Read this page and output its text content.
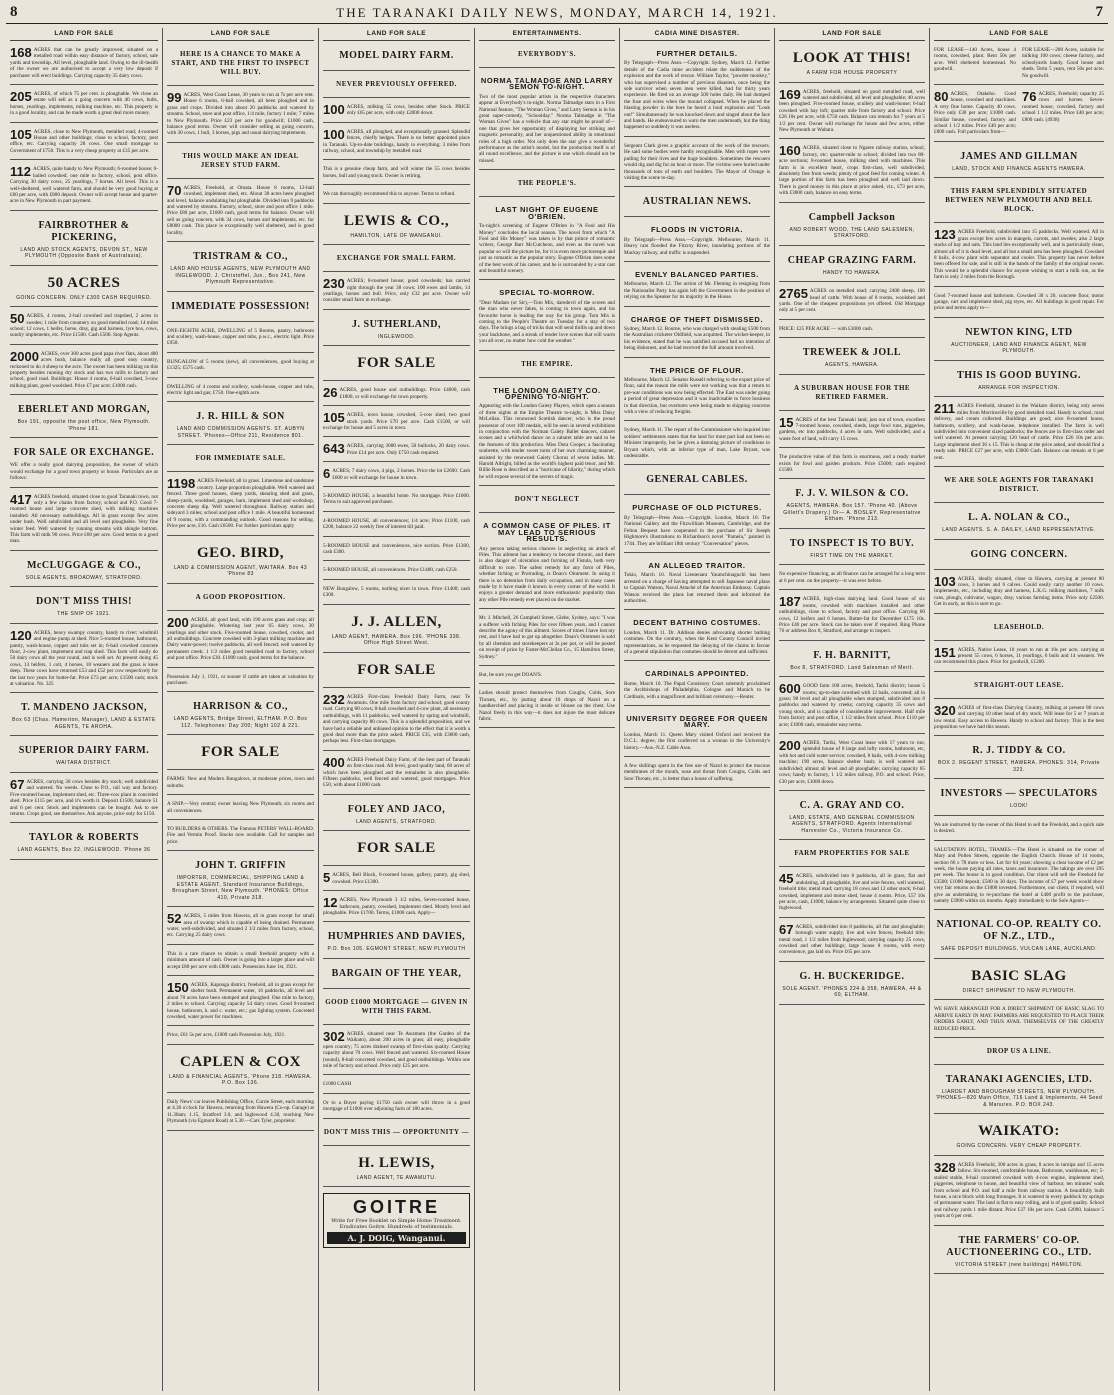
8	THE TARANAKI DAILY NEWS, MONDAY, MARCH 14, 1921.	7
LAND FOR SALE
168 ACRES that can be greatly improved; situated on a metalled road within easy distance of factory, school, sale yards and township. All level, ploughable land. Owing to the ill-health of the owner we are authorised to accept a very low deposit if purchaser will erect buildings. Carrying capacity 35 dairy cows.
205 ACRES, of which 75 per cent. is ploughable. We close an estate will sell as a going concern with 40 cows, bulls, horses, yearlings, implements, milking machine, etc. This property is in a good locality, and can be made worth a great deal more money.
105 ACRES, close to New Plymouth, metalled road; 4-roomed House and other buildings; close to school, factory, post office, etc. Carrying capacity 28 cows. One small mortgage to Government of £750. This is a very cheap property at £35 per acre.
112 ACRES, quite handy to New Plymouth; 6-roomed house; 6-bailed cowshed; one mile to factory, school, post office. Carrying 30 dairy cows, 25 yearlings, 7 horses. All level. This is a well-sheltered, well watered farm, and should be very good buying at £60 per acre, with £800 deposit. Owner will accept house and quarter-acre in New Plymouth in part payment.
FAIRBROTHER & PICKERING,
LAND AND STOCK AGENTS, DEVON ST., NEW PLYMOUTH (Opposite Bank of Australasia).
50 ACRES
GOING CONCERN. ONLY £300 CASH REQUIRED.
50 ACRES, 4 rooms, 2-bail cowshed and trapshed, 2 acres in swedes; 1 mile from creamery on good metalled road; 14 miles school; 12 cows, 1 heifer, horse, dray, gig and harness, lyre box, cows, sundry implements, etc. Price £1500. Cash £500. Stop Agents.
2000 ACRES, over 300 acres good papa river flats, about 400 acres bush, balance really all good easy country, reckoned to do 4 sheep to the acre. The owner has been milking on this property besides running dry stock and has two mills to factory and school, good road. Buildings: House 4 rooms, 6-bail cowshed, 3-cow milking plant, good woolshed. Price £7 per acre; £1000 cash.
EBERLET AND MORGAN,
Box 191, opposite the post office, New Plymouth. 'Phone 181.
FOR SALE OR EXCHANGE.
WE offer a really good dairying proposition, the owner of which would exchange for a good town property or house. Particulars are as follows:
417 ACRES freehold, situated close to good Taranaki town, not only a few chains from factory, school and P.O. Good 7-roomed house and large concrete shed, with milking machines installed. All necessary outbuildings. All in grass except few acres under bush. Well subdivided and all level and ploughable. Very fine winter feed. Well watered by running streams with shingle bottom. This farm will milk 90 cows. Price £60 per acre. Good terms to a good man.
McCLUGGAGE & CO.,
SOLE AGENTS, BROADWAY, STRATFORD.
DON'T MISS THIS!
THE SNIP OF 1921.
120 ACRES, heavy swampy country, handy to river; windmill and engine pump at shed. Nice 5-roomed house, bathroom, pantry, wash-house, copper and tubs set in; 6-bail cowshed concrete floor, 2-cow plant, implement and trap shed. This farm will easily do 50 dairy cows all the year round, and is well set. At present doing 45 cows, 13 heifers, 1 colt, 4 horses, 18 weaners and the grass is knee deep. These cows have returned £53 and £52 per cow respectively for the last two years for butter-fat. Price £73 per acre; £1500 cash; stock at valuation. No. 325
T. MANDENO JACKSON,
Box 63 (Chas. Hamerton, Manager), LAND & ESTATE AGENTS, TE AROHA.
SUPERIOR DAIRY FARM.
WAITARA DISTRICT.
67 ACRES, carrying 30 cows besides dry stock; well subdivided and watered. No weeds. Close to P.O., rail way and factory. Five-roomed house, implement shed, etc. Three-cow plant in concreted shed. Price £115 per acre, and it's worth it. Deposit £1500, balance 51 and 6 per cent. Stock and implements can be bought. Ask to see returns. Crops good, see themselves. Ask anyone, price only for £150.
TAYLOR & ROBERTS
LAND AGENTS, Box 22. INGLEWOOD. 'Phone 36
LAND FOR SALE
HERE IS A CHANCE TO MAKE A START, AND THE FIRST TO INSPECT WILL BUY.
99 ACRES, West Coast Lease, 30 years to run at 7s per acre rent. House 6 rooms, 6-bail cowshed, all been ploughed and in grass and crops. Divided into about 20 paddocks and watered by streams. School, store and post office, 1/4 mile, factory 1 mile; 7 miles to New Plymouth. Price £23 per acre for goodwill; £1000 cash, balance good terms. Owner will consider selling as going concern, with 30 cows, 1 bull, 3 horses, pigs and usual dairying implements.
THIS WOULD MAKE AN IDEAL JERSEY STUD FARM.
70 ACRES, Freehold, at Omata. House 8 rooms, 12-bail cowshed, implement shed, etc. About 30 acres been ploughed and level, balance undulating but ploughable. Divided into 9 paddocks and watered by streams. Factory, school, store and post office 1 mile. Price £80 per acre, £1000 cash, good terms for balance. Owner will sell as going concern, with 34 cows, horses and implements, etc. for £8000 cash. This place is exceptionally well sheltered, and is good locality.
TRISTRAM & CO.,
LAND AND HOUSE AGENTS, NEW PLYMOUTH AND INGLEWOOD. J. Christoffel, Jun., Box 241, New Plymouth Representative.
IMMEDIATE POSSESSION!
ONE-EIGHTH ACRE, DWELLING of 5 Rooms, pantry, bathroom and scullery, wash-house, copper and tubs, p.w.c., electric light. Price £950.
BUNGALOW of 5 rooms (new), all conveniences, good buying at £1325; £575 cash.
DWELLING of 4 rooms and scullery, wash-house, copper and tubs, electric light and gas; £750. One-eighth acre.
J. R. HILL & SON
LAND AND COMMISSION AGENTS. ST. AUBYN STREET. 'Phones—Office 211, Residence 801.
FOR IMMEDIATE SALE.
1198 ACRES Freehold; all in grass. Limestone and sandstone country. Large proportion ploughable. Well watered and fenced. Three good houses, sheep yards, shearing shed and grass, sheep-yards, woolshed, garages, barn, implement shed and workshop, concrete sheep dip. Well watered throughout. Railway station and sideyard 3 miles; school and post office 1 mile. A beautiful homestead of 9 rooms, with a commanding outlook. Good reasons for selling. Price per acre, £16. Cash £6500. For further particulars apply
GEO. BIRD,
LAND & COMMISSION AGENT, WAITARA. Box 43 'Phone 83
A GOOD PROPOSITION.
200 ACRES, all good land, with 190 acres grass and crop; all ploughable. Wintering last year 65 dairy cows, 30 yearlings and other stock. Five-roomed house, cowshed, cooler, and all outbuildings. Concrete cowshed with 3-plant milking machine and Dairy water-power; twelve paddocks, all well fenced; well watered by permanent creek; 1 1/2 miles good metalled road to factory, school and post office. Price £30. £1000 cash; good terms for the balance.
Possession July 1, 1921, or sooner if cattle are taken at valuation by purchaser.
HARRISON & CO.,
LAND AGENTS, Bridge Street, ELTHAM. P.O. Box 112. Telephones: Day 200; Night 102 & 221.
FOR SALE
FARMS: New and Modern Bungalows, at moderate prices, town and suburbs.
A SNIP.—Very central; owner leaving New Plymouth; six rooms and all conveniences.
TO BUILDERS & OTHERS. The Famous PETERS' WALL-BOARD. Fire and Vermin Proof. Stocks now available. Call for samples and price.
JOHN T. GRIFFIN
IMPORTER, COMMERCIAL, SHIPPING LAND & ESTATE AGENT, Standard Insurance Buildings, Brougham Street, New Plymouth. 'PHONES: Office 410, Private 318.
52 ACRES, 5 miles from Hawera, all in grass except for small area of swamp which is capable of being drained. Permanent water, well-subdivided, and situated 2 1/2 miles from factory, school, etc. Carrying 25 dairy cows.
This is a rare chance to obtain a small freehold property with a minimum amount of cash. Owner is going into a larger place and will accept £80 per acre with £800 cash. Possession June 1st, 1921.
150 ACRES, Kaponga district, freehold, all in grass except for shelter bush. Permanent water, 16 paddocks, all level and about 70 acres have been stumped and ploughed. One mile to factory, 2 miles to school. Carrying capacity 54 dairy cows. Good 8-roomed house, bathroom, h. and c. water, etc.; gas lighting system. Concreted cowshed, water power for machines.
Price, £61 5s per acre, £1000 cash Possession July, 1921.
CAPLEN & COX
LAND & FINANCIAL AGENTS, 'Phone 318. HAWERA. P.O. Box 136.
Daily News' car leaves Publishing Office, Currie Street, each morning at 4.30 o'clock for Hawera, returning from Hawera (Co-op. Garage) at 11.30am; 1.15, Stratford 3.0, and Inglewood 4.30, reaching New Plymouth (via Egmont Road) at 5.30.—Cars Tyler, proprietor.
LAND FOR SALE
MODEL DAIRY FARM.
NEVER PREVIOUSLY OFFERED.
100 ACRES, milking 55 cows, besides other Stock. PRICE only £65 per acre, with only £2000 down.
100 ACRES, all ploughed, and exceptionally grassed. Splendid fences, chiefly hedges. There is no better appointed place in Taranaki. Up-to-date buildings, handy to everything; 3 miles from railway, school, and township by metalled road.
This is a genuine cheap farm, and will winter the 55 cows besides horses, bull and young stock. Owner is retiring.
We can thoroughly recommend this to anyone. Terms to refund.
LEWIS & CO.,
HAMILTON, LATE OF WANGANUI.
EXCHANGE FOR SMALL FARM.
230 ACRES; 8-roomed house; good cowsheds; has carried right through the year 38 cows; 100 ewes and lambs, 14 yearlings, horses and bull. Price, only £32 per acre. Owner will consider small farm in exchange.
J. SUTHERLAND,
INGLEWOOD.
FOR SALE
26 ACRES, good house and outbuildings. Price £4600, cash £1800, or will exchange for town property.
105 ACRES, town house, cowshed, 5-cow shed, two good stock yards. Price £70 per acre. Cash £1500, or will exchange for house and 5 acres in town.
643 ACRES, carrying 3000 ewes, 50 bullocks, 20 dairy cows. Price £14 per acre. Only £750 cash required.
6 ACRES; 7 dairy cows, 4 pigs, 2 horses. Price the lot £2600. Cash £600 or will exchange for house in town.
5-ROOMED HOUSE, a beautiful home. No mortgage. Price £1000. Terms to suit approved purchaser.
4-ROOMED HOUSE, all conveniences; 1/4 acre; Price £1100, cash £200, balance 22 weekly free of interest till paid.
5-ROOMED HOUSE and conveniences, nice section. Price £1300, cash £300.
5-ROOMED HOUSE, all conveniences. Price £1400, cash £250.
NEW Bungalow, 5 rooms, nothing nicer in town. Price £1400; cash £300.
J. J. ALLEN,
LAND AGENT, HAWERA. Box 196. 'PHONE 338. Office High Street West.
FOR SALE
232 ACRES First-class Freehold Dairy Farm, near Te Awamutu. One mile from factory and school; good county road. Carrying 80 cows; 8-bail cowshed and 4-cow plant, all necessary outbuildings, with 11 paddocks, well watered by spring and windmill, and carrying capacity 80 cows. This is a splendid proposition, and we have had a reliable and unbiased opinion to the effect that it is worth a good deal more than the price asked. PRICE £35, with £3000 cash, perhaps less. First-class mortgages.
400 ACRES Freehold Dairy Farm, of the best part of Taranaki on first-class road. All level, good quality land, 60 acres of which have been ploughed and the remainder is also ploughable. Fifteen paddocks, well fenced and watered, good mortgages. Price £50, with about £1000 cash.
FOLEY AND JACO,
LAND AGENTS, STRATFORD.
FOR SALE
5 ACRES, Bell Block, 6-roomed house, gallery, pantry, gig shed, cowshed. Price £1300.
12 ACRES, New Plymouth 3 1/2 miles, Seven-roomed house, bathroom, pantry, cowshed, implement shed. Mostly level and ploughable. Price £1700. Terms, £1000 cash. Apply—
HUMPHRIES AND DAVIES,
P.O. Box 105. EGMONT STREET, NEW PLYMOUTH
BARGAIN OF THE YEAR,
GOOD £1000 MORTGAGE — GIVEN IN WITH THIS FARM.
302 ACRES, situated near Te Awamutu (the Garden of the Waikato), about 200 acres in grass; all easy, ploughable open country; 75 acres drained swamp of first-class quality. Carrying capacity about 70 cows. Well fenced and watered. Six-roomed House (sound), 8-bail concreted cowshed, and good outbuildings. Within one mile of factory and school. Price only £25 per acre.
£1000 CASH
Or to a Buyer paying £1750 cash owner will throw in a good mortgage of £1000 over adjoining farm of 180 acres.
DON'T MISS THIS — OPPORTUNITY —
H. LEWIS,
LAND AGENT, TE AWAMUTU.
GOITRE
Write for Free Booklet on Simple Home Treatment. Eradicates Goitre. Hundreds of testimonials.
A. J. DOIG, Wanganui.
ENTERTAINMENTS.
EVERYBODY'S.
NORMA TALMADGE AND LARRY SEMON TO-NIGHT.
Two of the most popular artists in the respective characters appear at Everybody's to-night. Norma Talmadge stars in a First National feature, "The Woman Gives," and Larry Semon is in his great super-comedy, "Schoolday." Norma Talmadge in "The Woman Gives" has a vehicle that any star might be proud of—one that gives her opportunity of displaying her striking and magnetic personality, and her unquestioned ability in emotional roles of a high order. Not only does the star give a wonderful performance as the artist's model, but the production itself is of all round excellence, and the picture is one which should not be missed.
THE PEOPLE'S.
LAST NIGHT OF EUGENE O'BRIEN.
To-night's screening of Eugene O'Brien in "A Fool and His Money" concludes the local season. The novel from which "A Fool and His Money" was taken is by that prince of romantic writers, George Barr McCutcheon, and even as the novel was popular so will the picture be, for it is even more picturesque and just as romantic as the popular story. Eugene O'Brien does some of the best work of his career, and he is surrounded by a star cast and beautiful scenery.
SPECIAL TO-MORROW.
"Dear Madam (or Sir),—Tom Mix, daredevil of the screen and the man who never fakes, is coming to town again, and his favourite horse is leading the way for his group. Tom Mix is coming to the People's Theatre on Tuesday for a stay of two days. The brings a bag of tricks that will send thrills up and down your backbone, and a streak of tender love scenes that will warm you all over, no matter how cold the weather."
THE EMPIRE.
THE LONDON GAIETY CO. OPENING TO-NIGHT.
Appearing with the London Gaiety Players, which open a season of three nights at the Empire Theatre to-night, is Miss Daisy McLellan. This renowned Scottish dancer, who is the proud possessor of over 100 medals, will be seen in several exhibitions in conjunction with the Norman Gaiety Ballet dancers, cabaret scenes and a whirlwind dance on a cabaret table are said to be the features of this production. Miss Dora Cooper, a fascinating soubrette, with tender sweet turns of her own charming manner, assisted by the renowned Gaiety Chorus of seven ladies. Mr. Harold Allright, billed as the world's highest paid tenor, and Mr. Billie Rose is described as a "hurricane of hilarity," during which he will expose several of the secrets of magic.
DON'T NEGLECT
A COMMON CASE OF PILES. IT MAY LEAD TO SERIOUS RESULTS.
Any person taking serious chances in neglecting an attack of Piles. This ailment has a tendency to become chronic, and there is also danger of ulceration and forming of Fistula, both very difficult to cure. The safest remedy for any form of Piles, whether Itching or Protruding, is Doan's Ointment. In using it there is no detention from daily occupation, and in many cases made by it have made it known in every corner of the world. It enjoys a greater demand and more enthusiastic popularity than any other Pile remedy ever placed on the market.
Mr. J. Mitchell, 26 Campbell Street, Glebe, Sydney, says: "I was a sufferer with Itching Piles for over fifteen years, and I cannot describe the agony of this ailment. Scores of times I have lost my rest, and I have had to get up altogether. Doan's Ointment is sold by all chemists and storekeepers at 3s per pot, or will be posted on receipt of price by Foster-McClellan Co., 15 Hamilton Street, Sydney."
But, be sure you get DOAN'S.
Ladies should protect themselves from Coughs, Colds, Sore Throats, etc., by putting about 10 drops of Nazol on a handkerchief and placing it inside or blouse on the chest. Use Nazol freely in this way—it does not injure the most delicate fabric.
CADIA MINE DISASTER.
FURTHER DETAILS.
By Telegraph—Press Assn.—Copyright. Sydney, March 12. Further details of the Cadia mine accident relate the suddenness of the explosion and the work of rescue. William Taylor, "powder monkey," who has supervised a number of previous disasters, once being the sole survivor when seven men were killed, had for thirty years experience. He fired on an average 500 holes daily. He had dumped the fuse and wires when the mound collapsed. When he placed the blasting powder in the bore he heard a loud explosion and "Look out!" Simultaneously he was knocked down and singed about the face and hands. He endeavoured to warn the men underneath, but the thing happened so suddenly it was useless.
Sergeant Clark gives a graphic account of the work of the rescuers. He said some bodies were hardly recognisable. Men with ropes were pulling for their lives and the huge boulders. Sometimes the rescuers would dig and dig for an hour or more. The victims were buried under thousands of tons of earth and boulders. The Mayor of Orange is visiting the scene to-day.
AUSTRALIAN NEWS.
FLOODS IN VICTORIA.
By Telegraph—Press Assn.—Copyright. Melbourne, March 11. Heavy rain flooded the Fitzroy River, inundating portions of the Mackay railway, and traffic is suspended.
EVENLY BALANCED PARTIES.
Melbourne, March 12. The action of Mr. Fleming in resigning from the Nationalist Party has again left the Government in the position of relying on the Speaker for its majority in the House.
CHARGE OF THEFT DISMISSED.
Sydney, March 12. Bourne, who was charged with stealing £500 from the Australian cricketer Oldfield, was acquitted. The wicket-keeper, in his evidence, stated that he was satisfied accused had no intention of being dishonest, and he had received the full amount involved.
THE PRICE OF FLOUR.
Melbourne, March 12. Senator Russell referring to the export price of flour, said the reason the mills were not working was that a return to pre-war conditions was now being effected. The East was under going a period of great depression and it was inadvisable to force business in that direction, but overtures were being made to shipping concerns with a view of reducing freights.
Sydney, March 11. The report of the Commissioner who inquired into soldiers' settlements states that the land for most part had not been so Minister improperly, but he gives a damning picture of conditions in Bryant which, with an inferior type of man, Lake Bryant, was undesirable.
GENERAL CABLES.
PURCHASE OF OLD PICTURES.
By Telegraph—Press Assn.—Copyright. London, March 10. The National Gallery and the Fitzwilliam Museum, Cambridge, and the Felton Bequest have cooperated in the purchase of Sir Joseph Highmore's illustrations to Richardson's novel "Pamela," painted in 1744. They are brilliant 18th century "Conversation" pieces.
AN ALLEGED TRAITOR.
Tokio, March 10. Naval Lieutenant Yaumchinaguchi has been arrested on a charge of having attempted to sell Japanese naval plans to Captain Watson, Naval Attaché of the American Embassy. Captain Watson received the plans but returned them and informed the authorities.
DECENT BATHING COSTUMES.
London, March 11. Dr. Addison denies advocating shorter bathing costumes. On the contrary, when the Kent County Council invited representations, as he requested the delaying of the claims in favour of a general stipulation that costumes should be decent and sufficient.
CARDINALS APPOINTED.
Rome, March 10. The Papal Consistory Court solemnly proclaimed the Archbishops of Philadelphia, Cologne and Munich to be Cardinals, with a magnificent and brilliant ceremony.—Reuter.
UNIVERSITY DEGREE FOR QUEEN MARY.
London, March 11. Queen Mary visited Oxford and received the D.C.L. degree, the first conferred on a woman in the University's history.—Aus.-N.Z. Cable Assn.
A few shillings spent in the free use of Nazol to protect the mucous membranes of the mouth, nose and throat from Coughs, Colds and Sore Throats, etc., is better than a house of suffering.
LAND FOR SALE
LOOK AT THIS!
A FARM FOR HOUSE PROPERTY
169 ACRES, freehold, situated on good metalled road, well watered and subdivided, all level and ploughable; 40 acres been ploughed. Five-roomed house, scullery and wash-house; 6-bail cowshed with hay loft; quarter mile from factory and school. Price £26 10s per acre, with £750 cash. Balance can remain for 7 years at 5 1/2 per cent. Owner will exchange for house and few acres, either New Plymouth or Waitara.
160 ACRES, situated close to Ngaere railway station, school, factory, etc; quarter-mile to school; divided into two 80-acre sections; 8-roomed house, milking shed with machines. This farm is in excellent heart, crops first-class, well subdivided, absolutely free from weeds; plenty of good feed for coming winter. A large portion of this farm has been ploughed and well laid down. There is good money in this place at price asked, viz., £73 per acre, with £3000 cash, balance on easy terms.
Campbell Jackson
AND ROBERT WOOD, THE LAND SALESMEN, STRATFORD.
CHEAP GRAZING FARM.
HANDY TO HAWERA.
2765 ACRES on metalled road; carrying 2400 sheep, 100 head of cattle. With house of 8 rooms, woolshed and yards. One of the cheapest propositions yet offered. Old Mortgage only at 5 per cent.
PRICE: £25 PER ACRE — with £3000 cash.
TREWEEK & JOLL
AGENTS, HAWERA.
A SUBURBAN HOUSE FOR THE RETIRED FARMER.
15 ACRES of the best Taranaki land, just out of town, excellent 7-roomed house, cowshed, sheds, large fowl runs, piggeries, gardens, etc into paddocks, 4 acres in oats. Well subdivided, and a waste foot of land, will carry 15 cows.
The productive value of this farm is enormous, and a ready market exists for fowl and garden products. Price £5000; cash required £1500.
F. J. V. WILSON & CO.
AGENTS, HAWERA. Box 157. 'Phone 40. (Above Gillett's Drapery.) Or— A. BOSLEY, Representative Eltham. 'Phone 213.
TO INSPECT IS TO BUY.
FIRST TIME ON THE MARKET.
No expensive financing, as all finance can be arranged for a long term at 6 per cent. on the property—it was ever before.
187 ACRES, high-class dairying land. Good house of six rooms, cowshed with machines installed and other outbuildings, close to school, factory and post office. Carrying 60 cows, 12 heifers and 6 horses. Butter-fat for December £175 10s. Price £40 per acre. Stock can be taken over if required. Ring Phone 76 or address Box 8, Stratford, and arrange to inspect.
F. H. BARNITT,
Box 8, STRATFORD. Land Salesman of Merit.
600 GOOD farm 100 acres, freehold, Tariki district; house 5 rooms; up-to-date cowshed with 12 bails, concreted; all in grass; 98 level and all ploughable when stumped, subdivided into 8 paddocks and watered by creeks; carrying capacity 35 cows and young stock, and is capable of considerable improvement. Half mile from factory and post office, 1 1/2 miles from school. Price £110 per acre; £1000 cash, remainder easy terms.
200 ACRES, Tariki, West Coast lease with 17 years to run; splendid house of 8 large and lofty rooms, bathroom, etc, with hot and cold water service; cowshed, 8 bails, with 4-cow milking machine; 190 acres, balance shelter bush; is well watered and subdivided; almost all level and all ploughable; carrying capacity 65 cows; handy to factory, 1 1/2 miles railway, P.O. and school. Price, £30 per acre, £1000 down.
C. A. GRAY AND CO.
LAND, ESTATE, AND GENERAL COMMISSION AGENTS, STRATFORD. Agents International Harvester Co., Victoria Insurance Co.
FARM PROPERTIES FOR SALE
45 ACRES, subdivided into 8 paddocks, all in grass, flat and undulating, all ploughable, live and wire fences, well watered, freehold title; metal road; carrying 18 cows and 12 other stock; 6-bail cowshed, implement and motor shed, house 4 rooms. Price, £57 10s per acre, cash, £1000, balance by arrangement. Situated quite close to Inglewood.
67 ACRES, subdivided into 8 paddocks, all flat and ploughable; borough water supply, live and wire fences; freehold title; metal road, 1 1/2 miles from Inglewood; carrying capacity 25 cows, cowshed and other buildings; large house 8 rooms, with every convenience, gas laid on. Price £65 per acre.
G. H. BUCKERIDGE.
SOLE AGENT. 'PHONES 224 & 358, HAWERA, 44 & 60, ELTHAM.
LAND FOR SALE
FOR LEASE—140 Acres, house 4 rooms, cowshed, plant. Rent 50s per acre. Well sheltered homestead. No goodwill.
FOR LEASE—280 Acres, suitable for milking 100 cows; cheese factory, and schoolyards handy. Good house and sheds. Term 5 years, rent 50s per acre. No goodwill.
80 ACRES, Otakeho. Good house, cowshed and machines. A very fine home. Capacity 40 cows. Price only £30 per acre; £1000 cash. Similar house, cowshed, factory and school 1 1/2 miles. Price £40 per acre; £800 cash. Full particulars from—
76 ACRES, Freehold; capacity 25 cows and horses. Seven-roomed house, cowshed, factory and school 1 1/2 miles. Price £40 per acre; £800 cash. (4938)
JAMES AND GILLMAN
LAND, STOCK AND FINANCE AGENTS HAWERA.
THIS FARM SPLENDIDLY SITUATED BETWEEN NEW PLYMOUTH AND BELL BLOCK.
123 ACRES Freehold, subdivided into 15 paddocks. Well watered. All in grass except few acres in mangels, carrots, and swedes; also 2 large stacks of hay and oats. This land lies exceptionally well, and is particularly clean, almost all of it is dead level, and all but a small area has been ploughed. Cowshed 8 bails, 4-cow plant with separator and cooler. This property has never before been offered for sale, and is still in the hands of the family of the original owner. This would be a splendid chance for anyone wishing to start a milk run, as the farm is only 2 miles from the Borough.
Good 7-roomed house and bathroom. Cowshed 38 x 20, concrete floor, motor garage, cart and implement shed, pig styes, etc. All buildings in good repair. For price and terms apply to—
NEWTON KING, LTD
AUCTIONEER, LAND AND FINANCE AGENT, NEW PLYMOUTH.
THIS IS GOOD BUYING.
ARRANGE FOR INSPECTION.
211 ACRES Freehold, situated in the Waikato district, being only seven miles from Morrinsville by good metalled road. Handy to school, rural delivery, and cream collected. Buildings are good; nice 8-roomed house, bathroom, scullery, and wash-house, telephone installed. The farm is well subdivided into convenient sized paddocks; the fences are in first-class order and well watered. At present carrying 120 head of cattle. Price £26 10s per acre. Large implement shed 36 x 15. This is cheap at the price asked, and should find a ready sale. PRICE £27 per acre, with £3000 Cash. Balance can remain at 6 per cent.
WE ARE SOLE AGENTS FOR TARANAKI DISTRICT.
L. A. NOLAN & CO.,
LAND AGENTS. S. A. DAILEY, LAND REPRESENTATIVE.
GOING CONCERN.
103 ACRES, ideally situated, close to Hawera, carrying at present 80 cows, 3 horses and 6 calves. Could easily carry another 10 cows. Implements, etc., including dray and harness, L.K.G. milking machines, 7 milk cans, plough, cultivator, wagon, dray, various farming items. Price only £2500. Get in early, as this is sure to go.
LEASEHOLD.
151 ACRES, Native Lease, 18 years to run at 10s per acre, carrying at present 55 cows, 6 horses, 11 yearlings, 6 bulls and 14 weaners. We can recommend this place. Price for goodwill, £1200.
STRAIGHT-OUT LEASE.
320 ACRES of first-class Dairying Country, milking at present 80 cows and carrying 10 other head of dry stock. Will lease for 5 or 7 years at low rental. Easy access to Hawera. Handy to school and factory. This is the best proposition we have had this season.
R. J. TIDDY & CO.
BOX 2. REGENT STREET, HAWERA. PHONES: 314, Private 323.
INVESTORS — SPECULATORS
LOOK!
We are instructed by the owner of this Hotel to sell the Freehold, and a quick sale is desired.
SALUTATION HOTEL, THAMES.—The Hotel is situated on the corner of Mary and Pollen Streets, opposite the English Church. House of 14 rooms, section 66 x 78 more or less. Lot for 64 years; showing a clear income of £2 per week, the house paying all rates, taxes and insurance. The takings are over £95 per week. The house is in good condition. Our client will sell the Freehold for £3500; £1000 deposit, £500 in 30 days. The income of £7 per week would show very fair returns on the £1000 invested. Furthermore, our client, if required, will give an undertaking to re-purchase the hotel at £400 profit to the purchaser, namely £3900 within six months. Apply immediately to the Sole Agents—
NATIONAL CO-OP. REALTY CO. OF N.Z., LTD.,
SAFE DEPOSIT BUILDINGS, VULCAN LANE, AUCKLAND.
BASIC SLAG
DIRECT SHIPMENT TO NEW PLYMOUTH.
WE HAVE ARRANGED FOR A DIRECT SHIPMENT OF BASIC SLAG TO ARRIVE EARLY IN MAY. FARMERS ARE REQUESTED TO PLACE THEIR ORDERS EARLY, AND THUS AVAIL THEMSELVES OF THE GREATLY REDUCED PRICE.
DROP US A LINE.
TARANAKI AGENCIES, LTD.
LIARDET AND BROUGHAM STREETS, NEW PLYMOUTH. 'PHONES—820 Main Office, 716 Land & Implements, 44 Seed & Manures. P.O. BOX 243.
WAIKATO:
GOING CONCERN. VERY CHEAP PROPERTY.
328 ACRES Freehold, 300 acres in grass, 8 acres in turnips and 15 acres fallow. Six-roomed, comfortable house, Bathroom, washhouse, etc; 5-stalled stable, 8-bail concreted cowshed with 4-cow engine, implement shed, piggeries, telephone to house, and beautiful view of harbour, ten minutes' walk from school and P.O. and half a mile from railway station. A beautifully built house, a nice block with long frontages. It is watered in every paddock by springs of permanent water. The land is flat to easy rolling, and is of good quality. School and railway yards 1 mile distant. Price £37 10s per acre. Cash £2000, balance 5 years at 6 per cent.
THE FARMERS' CO-OP. AUCTIONEERING CO., LTD.
VICTORIA STREET (new buildings) HAMILTON.
